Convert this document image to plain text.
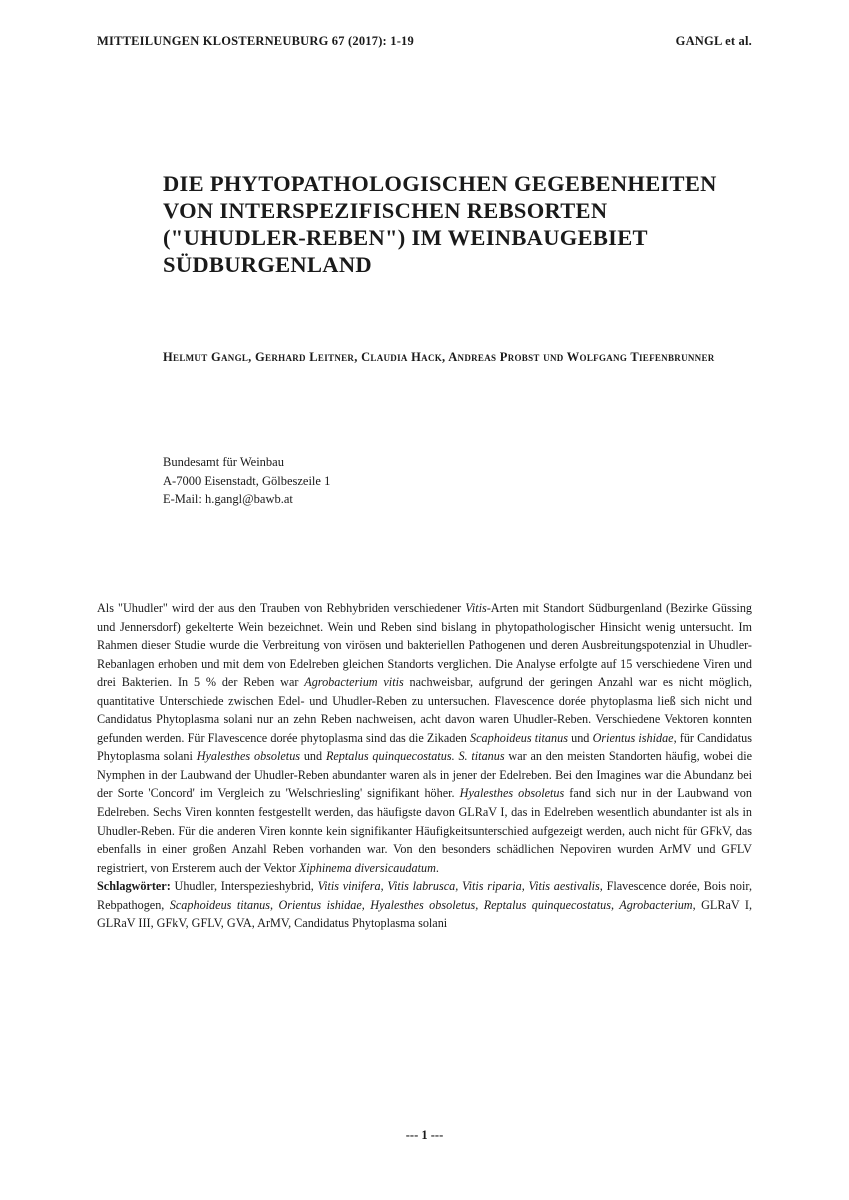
MITTEILUNGEN KLOSTERNEUBURG 67 (2017): 1-19	GANGL et al.
DIE PHYTOPATHOLOGISCHEN GEGEBENHEITEN
VON INTERSPEZIFISCHEN REBSORTEN
("UHUDLER-REBEN") IM WEINBAUGEBIET
SÜDBURGENLAND
Helmut Gangl, Gerhard Leitner, Claudia Hack, Andreas Probst und Wolfgang Tiefenbrunner
Bundesamt für Weinbau
A-7000 Eisenstadt, Gölbeszeile 1
E-Mail: h.gangl@bawb.at
Als "Uhudler" wird der aus den Trauben von Rebhybriden verschiedener Vitis-Arten mit Standort Südburgenland (Bezirke Güssing und Jennersdorf) gekelterte Wein bezeichnet. Wein und Reben sind bislang in phytopathologischer Hinsicht wenig untersucht. Im Rahmen dieser Studie wurde die Verbreitung von virösen und bakteriellen Pathogenen und deren Ausbreitungspotenzial in Uhudler-Rebanlagen erhoben und mit dem von Edelreben gleichen Standorts verglichen. Die Analyse erfolgte auf 15 verschiedene Viren und drei Bakterien. In 5 % der Reben war Agrobacterium vitis nachweisbar, aufgrund der geringen Anzahl war es nicht möglich, quantitative Unterschiede zwischen Edel- und Uhudler-Reben zu untersuchen. Flavescence dorée phytoplasma ließ sich nicht und Candidatus Phytoplasma solani nur an zehn Reben nachweisen, acht davon waren Uhudler-Reben. Verschiedene Vektoren konnten gefunden werden. Für Flavescence dorée phytoplasma sind das die Zikaden Scaphoideus titanus und Orientus ishidae, für Candidatus Phytoplasma solani Hyalesthes obsoletus und Reptalus quinquecostatus. S. titanus war an den meisten Standorten häufig, wobei die Nymphen in der Laubwand der Uhudler-Reben abundanter waren als in jener der Edelreben. Bei den Imagines war die Abundanz bei der Sorte 'Concord' im Vergleich zu 'Welschriesling' signifikant höher. Hyalesthes obsoletus fand sich nur in der Laubwand von Edelreben. Sechs Viren konnten festgestellt werden, das häufigste davon GLRaV I, das in Edelreben wesentlich abundanter ist als in Uhudler-Reben. Für die anderen Viren konnte kein signifikanter Häufigkeitsunterschied aufgezeigt werden, auch nicht für GFkV, das ebenfalls in einer großen Anzahl Reben vorhanden war. Von den besonders schädlichen Nepoviren wurden ArMV und GFLV registriert, von Ersterem auch der Vektor Xiphinema diversicaudatum.
Schlagwörter: Uhudler, Interspezieshybrid, Vitis vinifera, Vitis labrusca, Vitis riparia, Vitis aestivalis, Flavescence dorée, Bois noir, Rebpathogen, Scaphoideus titanus, Orientus ishidae, Hyalesthes obsoletus, Reptalus quinquecostatus, Agrobacterium, GLRaV I, GLRaV III, GFkV, GFLV, GVA, ArMV, Candidatus Phytoplasma solani
--- 1 ---
